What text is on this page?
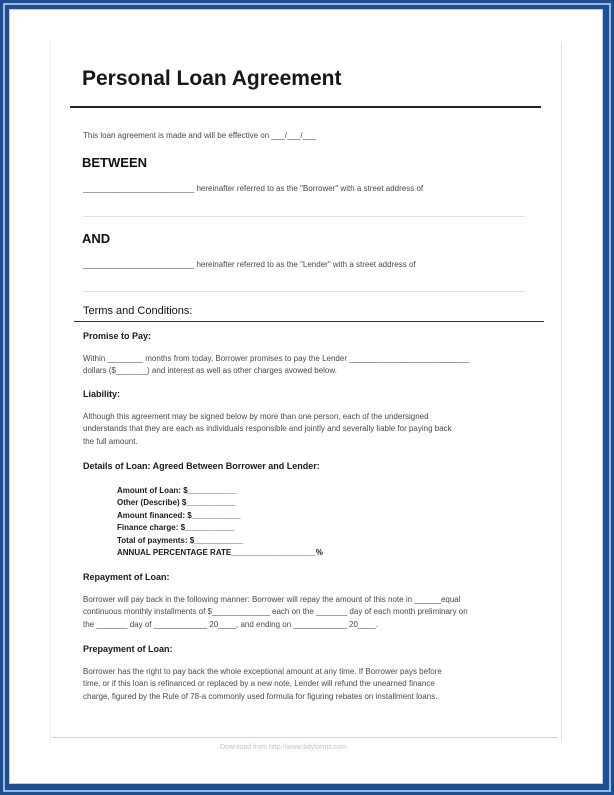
Personal Loan Agreement
This loan agreement is made and will be effective on ___/___/___
BETWEEN
_________________________ hereinafter referred to as the "Borrower" with a street address of
AND
_________________________ hereinafter referred to as the "Lender" with a street address of
Terms and Conditions:
Promise to Pay:
Within ________ months from today, Borrower promises to pay the Lender ___________________________
dollars ($_______) and interest as well as other charges avowed below.
Liability:
Although this agreement may be signed below by more than one person, each of the undersigned
understands that they are each as individuals responsible and jointly and severally liable for paying back
the full amount.
Details of Loan: Agreed Between Borrower and Lender:
Amount of Loan: $___________
Other (Describe) $___________
Amount financed: $___________
Finance charge: $___________
Total of payments: $___________
ANNUAL PERCENTAGE RATE___________________%
Repayment of Loan:
Borrower will pay back in the following manner: Borrower will repay the amount of this note in ______equal
continuous monthly installments of $_____________ each on the _______ day of each month preliminary on
the _______ day of ____________ 20____, and ending on ____________ 20____.
Prepayment of Loan:
Borrower has the right to pay back the whole exceptional amount at any time. If Borrower pays before
time, or if this loan is refinanced or replaced by a new note, Lender will refund the unearned finance
charge, figured by the Rule of 78-a commonly used formula for figuring rebates on installment loans.
Download from http://www.tidyforms.com
